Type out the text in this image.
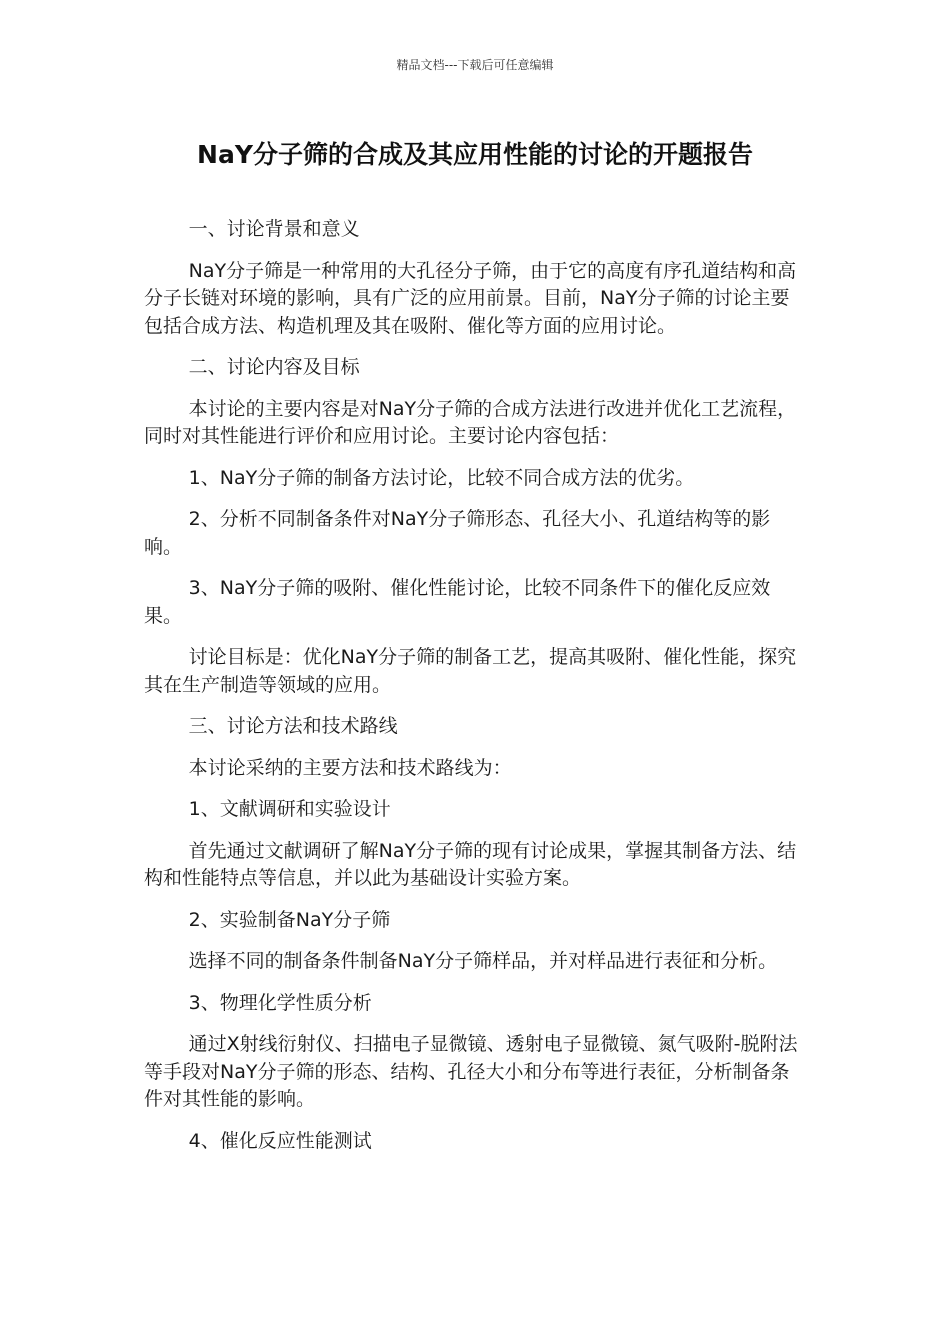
精品文档---下载后可任意编辑
NaY分子筛的合成及其应用性能的讨论的开题报告

一、讨论背景和意义

NaY分子筛是一种常用的大孔径分子筛，由于它的高度有序孔道结构和高分子长链对环境的影响，具有广泛的应用前景。目前，NaY分子筛的讨论主要包括合成方法、构造机理及其在吸附、催化等方面的应用讨论。

二、讨论内容及目标

本讨论的主要内容是对NaY分子筛的合成方法进行改进并优化工艺流程，同时对其性能进行评价和应用讨论。主要讨论内容包括：

1、NaY分子筛的制备方法讨论，比较不同合成方法的优劣。

2、分析不同制备条件对NaY分子筛形态、孔径大小、孔道结构等的影响。

3、NaY分子筛的吸附、催化性能讨论，比较不同条件下的催化反应效果。

讨论目标是：优化NaY分子筛的制备工艺，提高其吸附、催化性能，探究其在生产制造等领域的应用。

三、讨论方法和技术路线

本讨论采纳的主要方法和技术路线为：

1、文献调研和实验设计

首先通过文献调研了解NaY分子筛的现有讨论成果，掌握其制备方法、结构和性能特点等信息，并以此为基础设计实验方案。

2、实验制备NaY分子筛

选择不同的制备条件制备NaY分子筛样品，并对样品进行表征和分析。

3、物理化学性质分析

通过X射线衍射仪、扫描电子显微镜、透射电子显微镜、氮气吸附-脱附法等手段对NaY分子筛的形态、结构、孔径大小和分布等进行表征，分析制备条件对其性能的影响。

4、催化反应性能测试
